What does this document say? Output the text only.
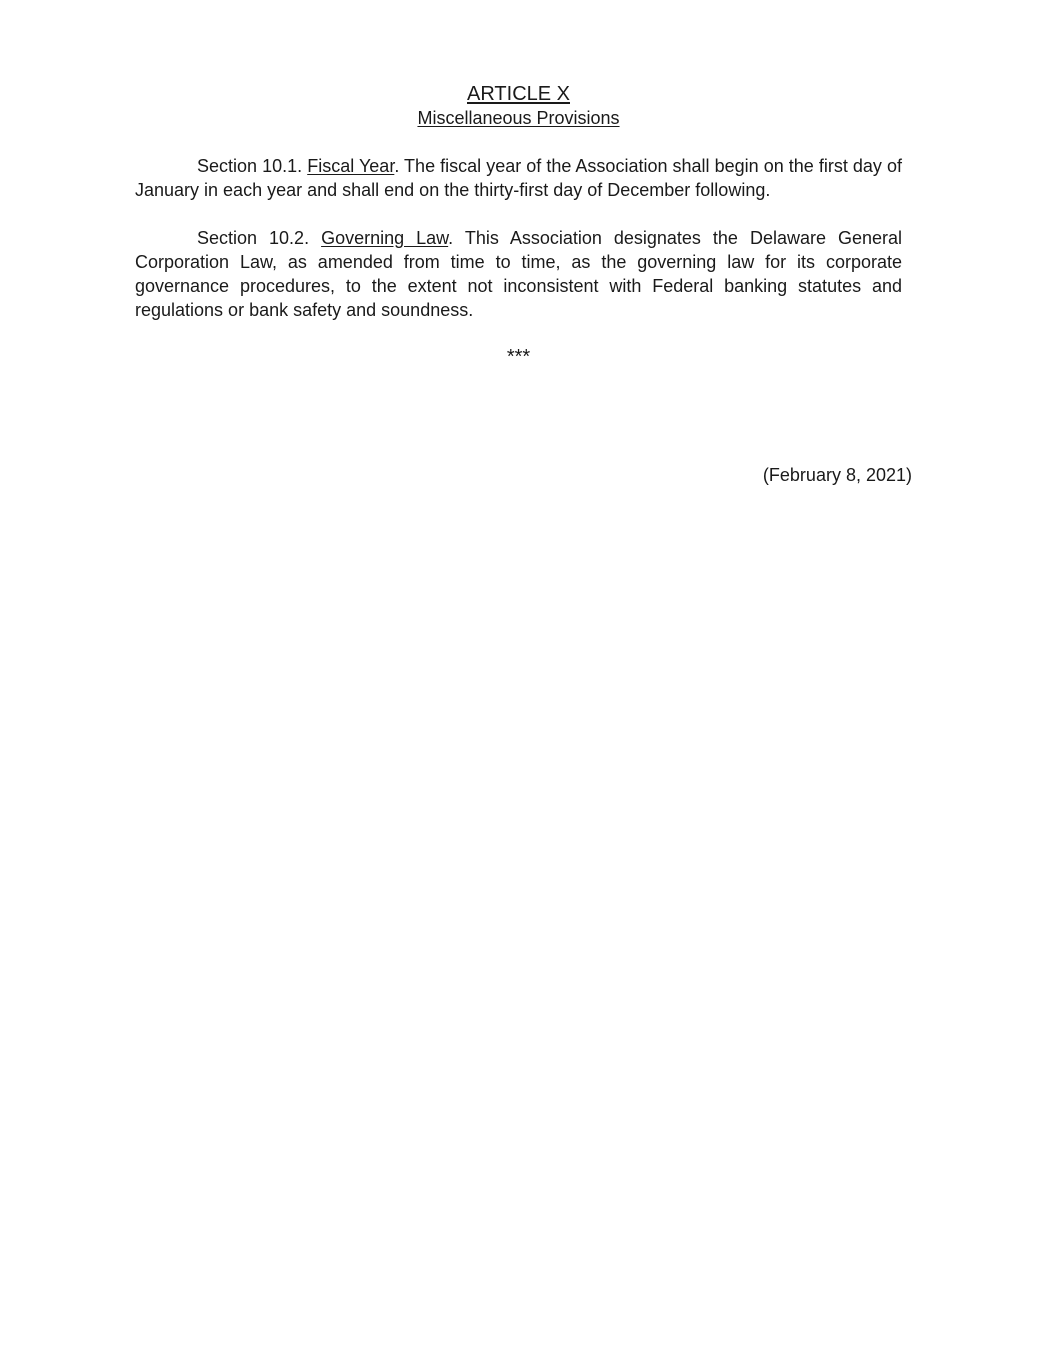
ARTICLE X
Miscellaneous Provisions

Section 10.1. Fiscal Year. The fiscal year of the Association shall begin on the first day of January in each year and shall end on the thirty-first day of December following.

Section 10.2. Governing Law. This Association designates the Delaware General Corporation Law, as amended from time to time, as the governing law for its corporate governance procedures, to the extent not inconsistent with Federal banking statutes and regulations or bank safety and soundness.

***
(February 8, 2021)
